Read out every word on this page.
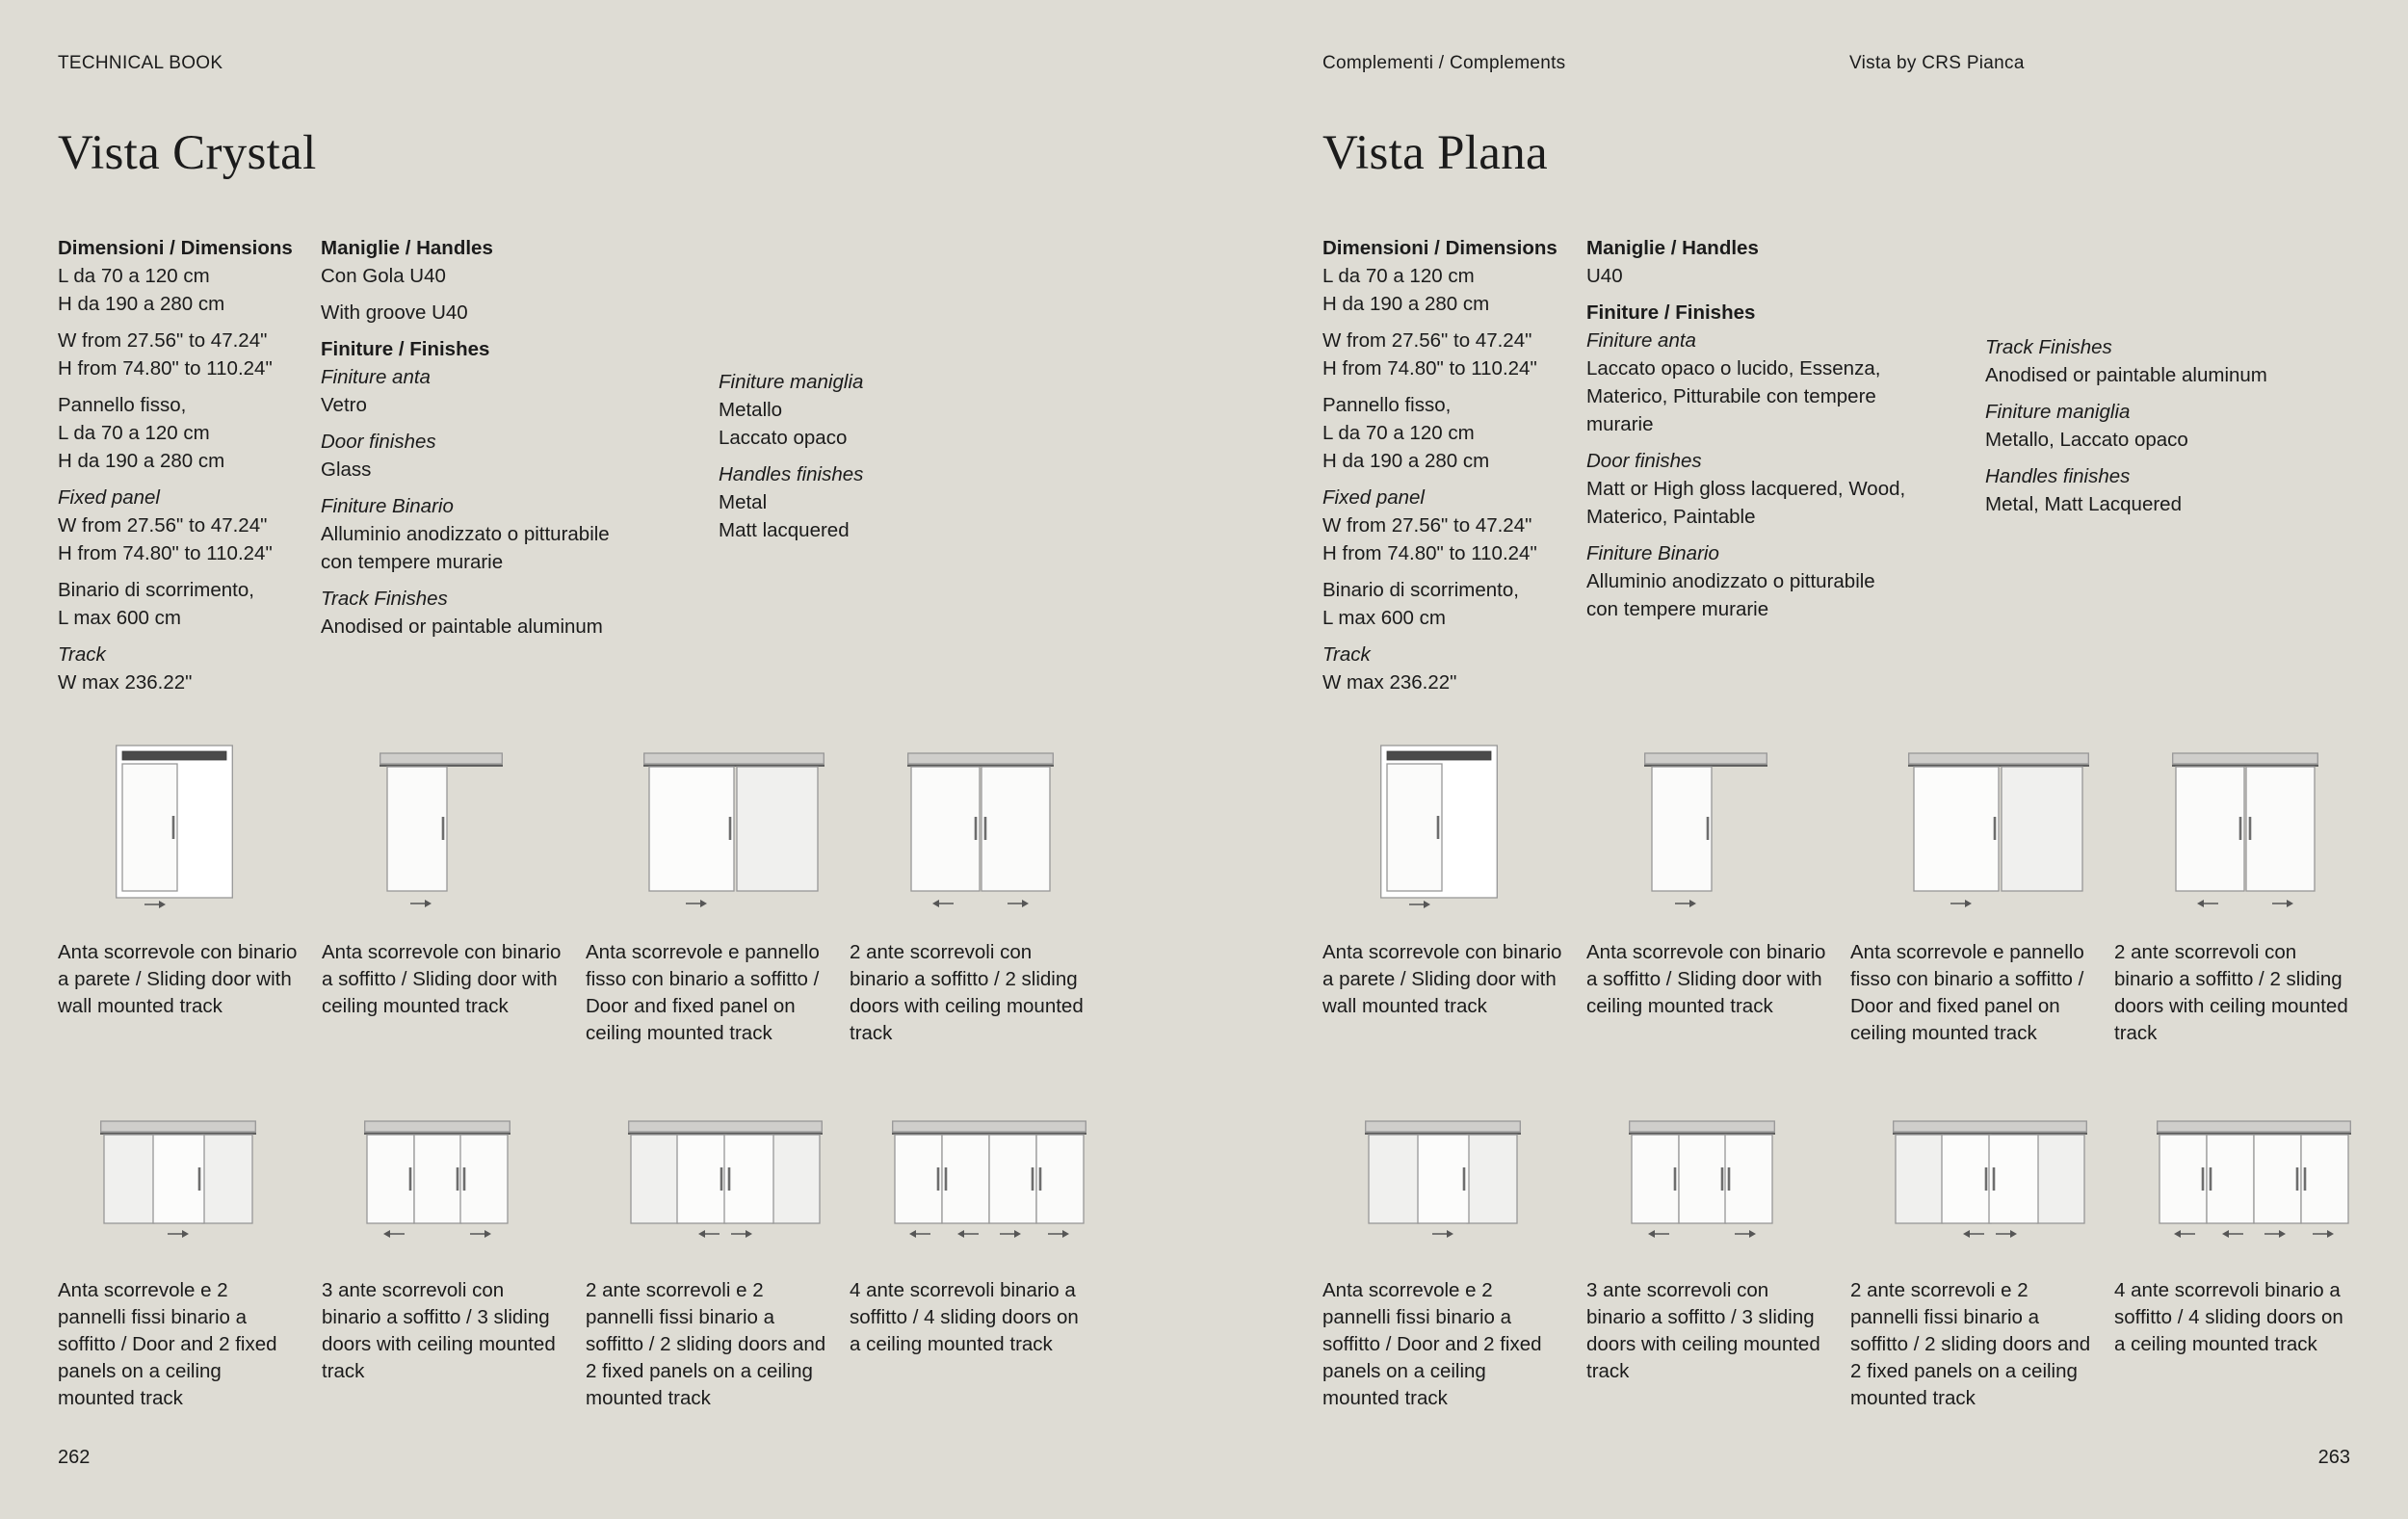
TECHNICAL BOOK
Vista Crystal
Dimensioni / Dimensions
L da 70 a 120 cm
H da 190 a 280 cm
W from 27.56" to 47.24"
H from 74.80" to 110.24"
Pannello fisso,
L da 70 a 120 cm
H da 190 a 280 cm
Fixed panel
W from 27.56" to 47.24"
H from 74.80" to 110.24"
Binario di scorrimento,
L max 600 cm
Track
W max 236.22"
Maniglie / Handles
Con Gola U40
With groove U40
Finiture / Finishes
Finiture anta
Vetro
Door finishes
Glass
Finiture Binario
Alluminio anodizzato o pitturabile
con tempere murarie
Track Finishes
Anodised or paintable aluminum
Finiture maniglia
Metallo
Laccato opaco
Handles finishes
Metal
Matt lacquered
Anta scorrevole con binario a parete / Sliding door with wall mounted track
Anta scorrevole con binario a soffitto / Sliding door with ceiling mounted track
Anta scorrevole e pannello fisso con binario a soffitto / Door and fixed panel on ceiling mounted track
2 ante scorrevoli con binario a soffitto / 2 sliding doors with ceiling mounted track
Anta scorrevole e 2 pannelli fissi binario a soffitto / Door and 2 fixed panels on a ceiling mounted track
3 ante scorrevoli con binario a soffitto / 3 sliding doors with ceiling mounted track
2 ante scorrevoli e 2 pannelli fissi binario a soffitto / 2 sliding doors and 2 fixed panels on a ceiling mounted track
4 ante scorrevoli binario a soffitto / 4 sliding doors on a ceiling mounted track
262
Complementi / Complements	Vista by CRS Pianca
Vista Plana
Dimensioni / Dimensions
L da 70 a 120 cm
H da 190 a 280 cm
W from 27.56" to 47.24"
H from 74.80" to 110.24"
Pannello fisso,
L da 70 a 120 cm
H da 190 a 280 cm
Fixed panel
W from 27.56" to 47.24"
H from 74.80" to 110.24"
Binario di scorrimento,
L max 600 cm
Track
W max 236.22"
Maniglie / Handles
U40
Finiture / Finishes
Finiture anta
Laccato opaco o lucido, Essenza,
Materico, Pitturabile con tempere
murarie
Door finishes
Matt or High gloss lacquered, Wood,
Materico, Paintable
Finiture Binario
Alluminio anodizzato o pitturabile
con tempere murarie
Track Finishes
Anodised or paintable aluminum
Finiture maniglia
Metallo, Laccato opaco
Handles finishes
Metal, Matt Lacquered
Anta scorrevole con binario a parete / Sliding door with wall mounted track
Anta scorrevole con binario a soffitto / Sliding door with ceiling mounted track
Anta scorrevole e pannello fisso con binario a soffitto / Door and fixed panel on ceiling mounted track
2 ante scorrevoli con binario a soffitto / 2 sliding doors with ceiling mounted track
Anta scorrevole e 2 pannelli fissi binario a soffitto / Door and 2 fixed panels on a ceiling mounted track
3 ante scorrevoli con binario a soffitto / 3 sliding doors with ceiling mounted track
2 ante scorrevoli e 2 pannelli fissi binario a soffitto / 2 sliding doors and 2 fixed panels on a ceiling mounted track
4 ante scorrevoli binario a soffitto / 4 sliding doors on a ceiling mounted track
263
